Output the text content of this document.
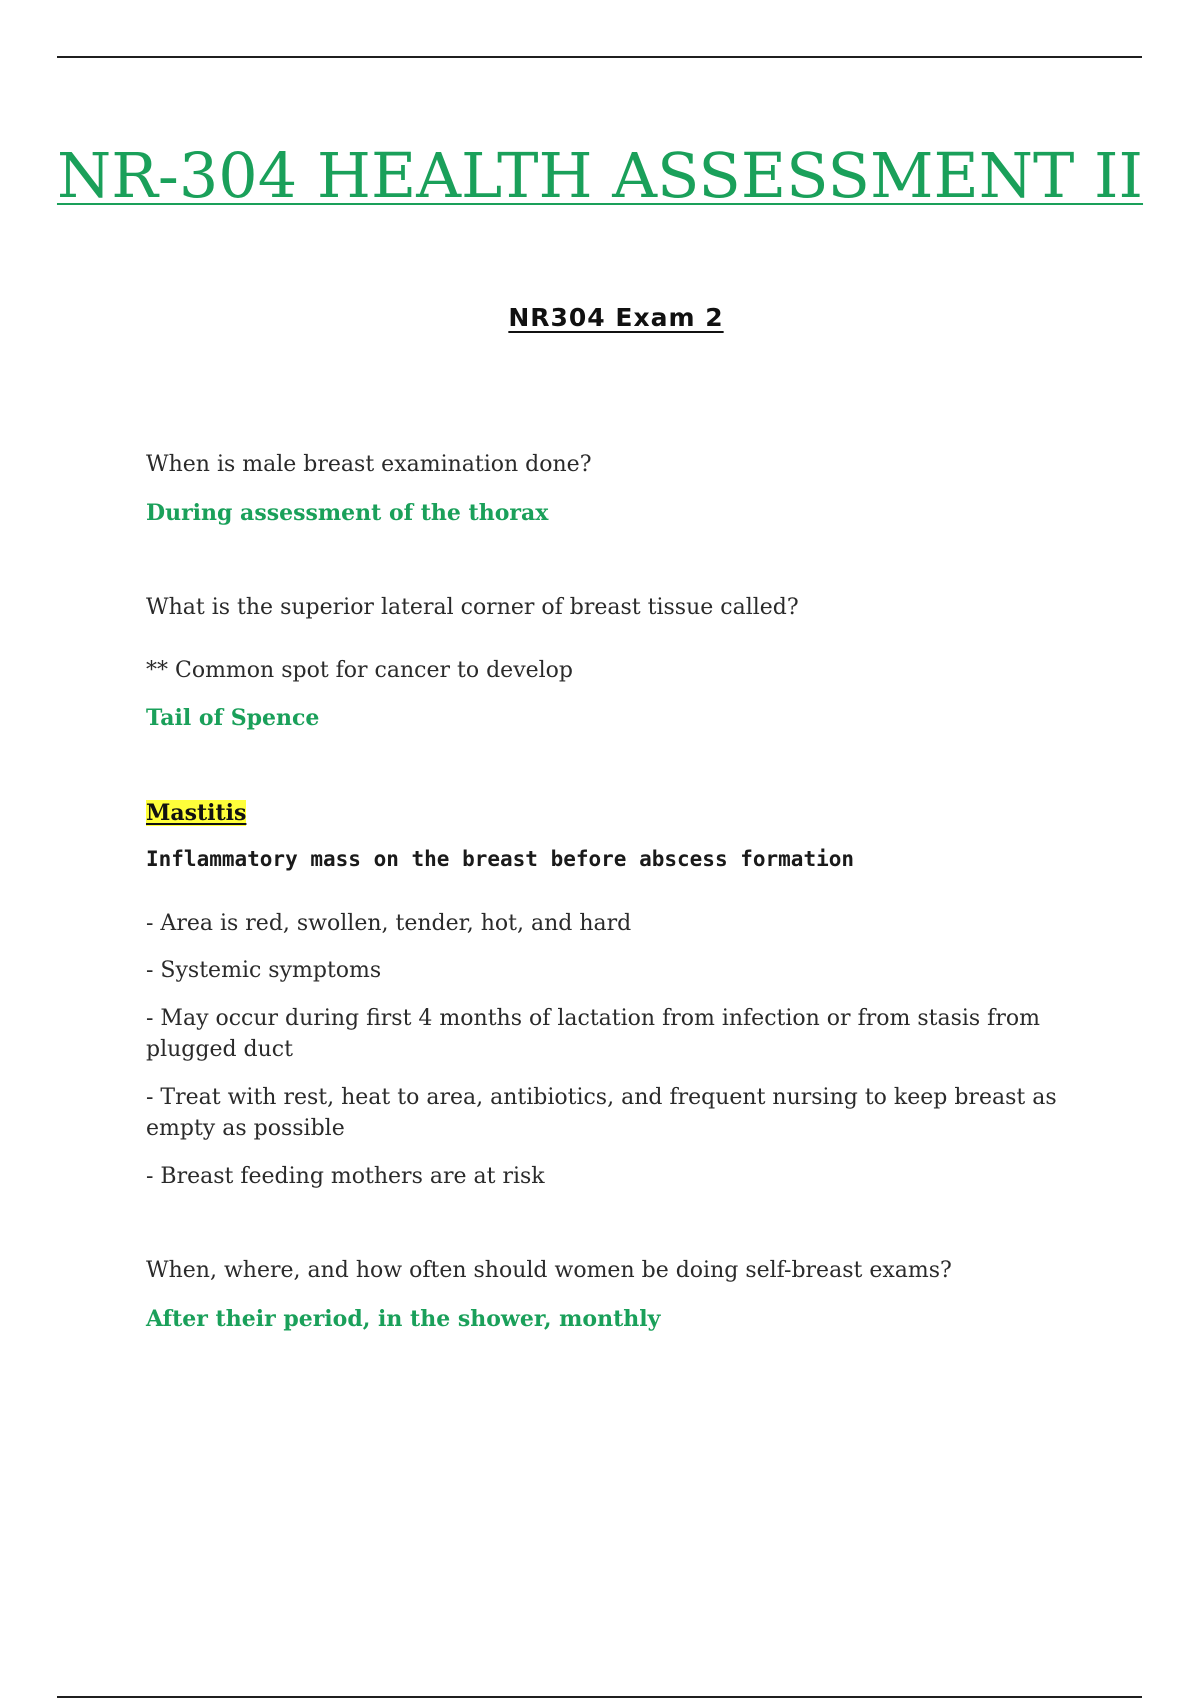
NR-304 HEALTH ASSESSMENT II
NR304 Exam 2

When is male breast examination done?

During assessment of the thorax

What is the superior lateral corner of breast tissue called?

** Common spot for cancer to develop

Tail of Spence

Mastitis

Inflammatory mass on the breast before abscess formation

- Area is red, swollen, tender, hot, and hard

- Systemic symptoms

- May occur during first 4 months of lactation from infection or from stasis from plugged duct

- Treat with rest, heat to area, antibiotics, and frequent nursing to keep breast as empty as possible

- Breast feeding mothers are at risk

When, where, and how often should women be doing self-breast exams?

After their period, in the shower, monthly
